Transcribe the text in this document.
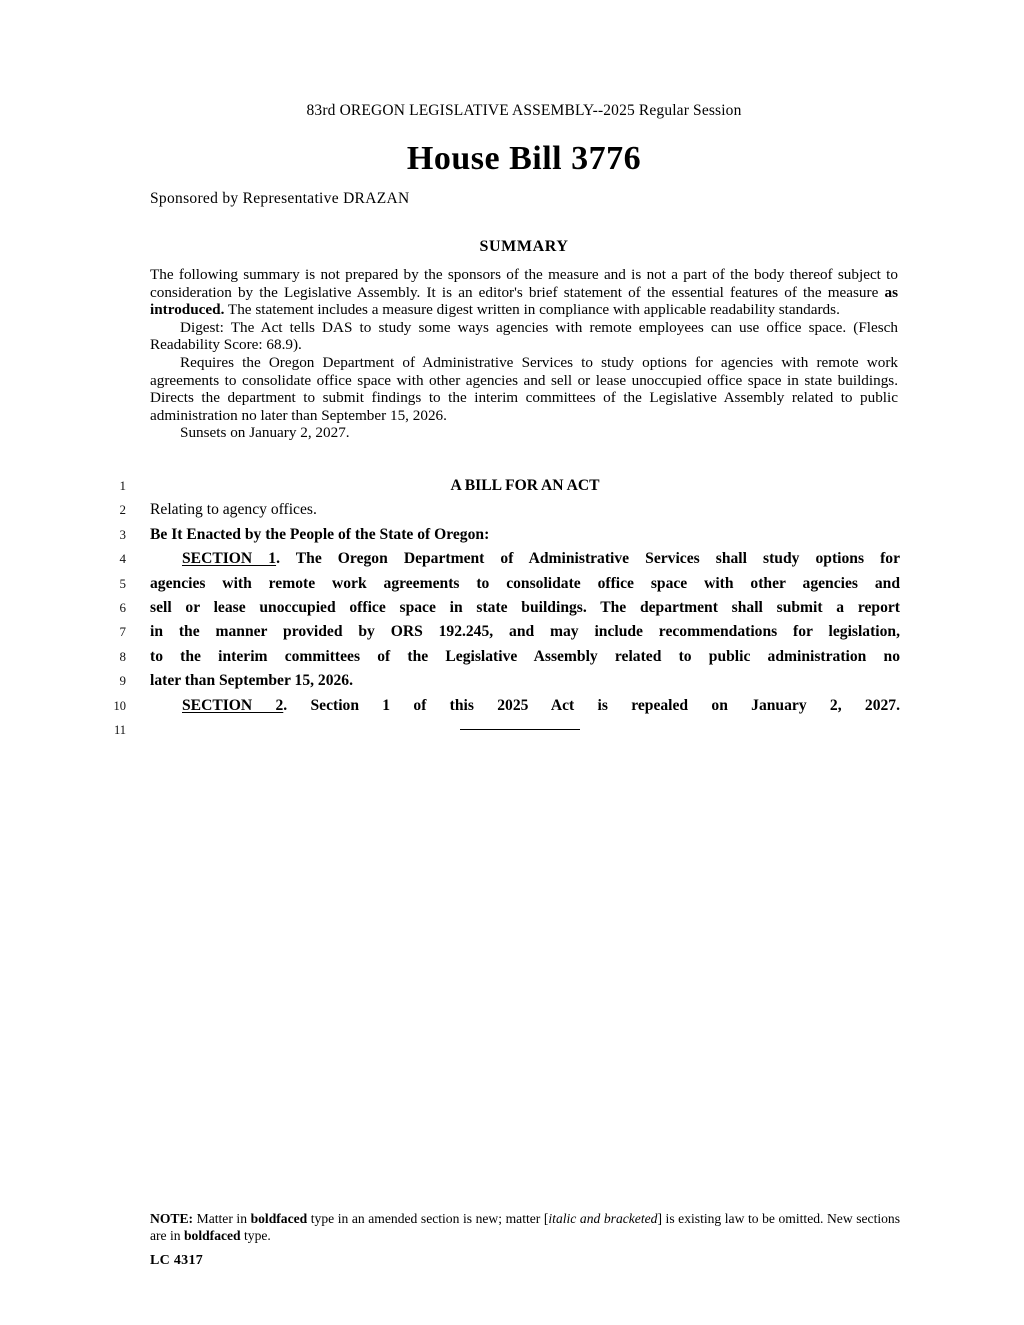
83rd OREGON LEGISLATIVE ASSEMBLY--2025 Regular Session
House Bill 3776
Sponsored by Representative DRAZAN
SUMMARY

The following summary is not prepared by the sponsors of the measure and is not a part of the body thereof subject to consideration by the Legislative Assembly. It is an editor's brief statement of the essential features of the measure as introduced. The statement includes a measure digest written in compliance with applicable readability standards.

Digest: The Act tells DAS to study some ways agencies with remote employees can use office space. (Flesch Readability Score: 68.9).

Requires the Oregon Department of Administrative Services to study options for agencies with remote work agreements to consolidate office space with other agencies and sell or lease unoccupied office space in state buildings. Directs the department to submit findings to the interim committees of the Legislative Assembly related to public administration no later than September 15, 2026.

Sunsets on January 2, 2027.

1	A BILL FOR AN ACT
2 Relating to agency offices.
3 Be It Enacted by the People of the State of Oregon:
4	SECTION 1. The Oregon Department of Administrative Services shall study options for
5 agencies with remote work agreements to consolidate office space with other agencies and
6 sell or lease unoccupied office space in state buildings. The department shall submit a report
7 in the manner provided by ORS 192.245, and may include recommendations for legislation,
8 to the interim committees of the Legislative Assembly related to public administration no
9 later than September 15, 2026.
10	SECTION 2. Section 1 of this 2025 Act is repealed on January 2, 2027.
11

NOTE: Matter in boldfaced type in an amended section is new; matter [italic and bracketed] is existing law to be omitted. New sections are in boldfaced type.

LC 4317
